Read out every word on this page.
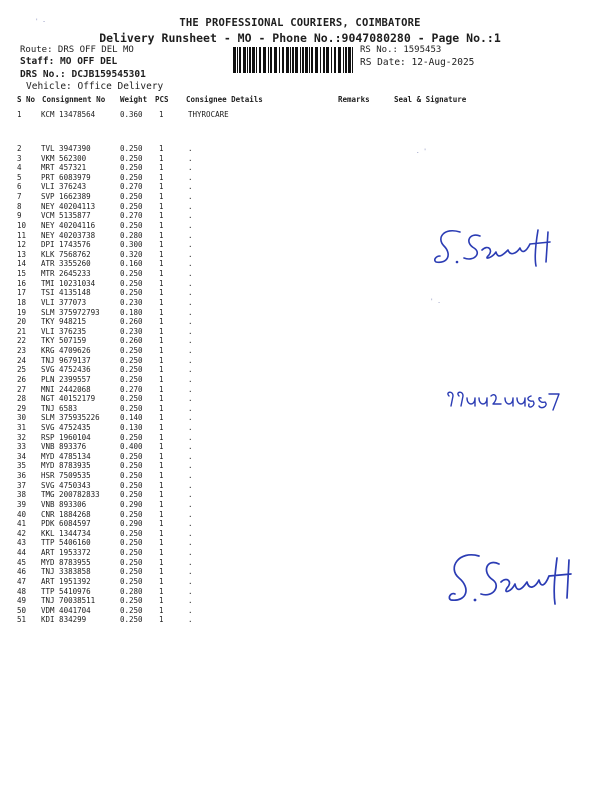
THE PROFESSIONAL COURIERS, COIMBATORE
Delivery Runsheet - MO - Phone No.:9047080280 - Page No.:1
Route: DRS OFF DEL MO
Staff: MO OFF DEL
DRS No.: DCJB159545301
Vehicle: Office Delivery
RS No.: 1595453
RS Date: 12-Aug-2025
S No Consignment No Weight PCS Consignee Details	Remarks	Seal & Signature
1	KCM 13478564	0.360 1	THYROCARE
2	TVL 3947390	0.250 1	.
3	VKM 562300	0.250 1	.
4	MRT 457321	0.250 1	.
5	PRT 6083979	0.250 1	.
6	VLI 376243	0.270 1	.
7	SVP 1662389	0.250 1	.
8	NEY 40204113	0.250 1	.
9	VCM 5135877	0.270 1	.
10 NEY 40204116	0.250 1	.
11 NEY 40203738	0.280 1	.
12 DPI 1743576	0.300 1	.
13 KLK 7568762	0.320 1	.
14 ATR 3355260	0.160 1	.
15 MTR 2645233	0.250 1	.
16 TMI 10231034	0.250 1	.
17 TSI 4135148	0.250 1	.
18 VLI 377073	0.230 1	.
19 SLM 375972793	0.180 1	.
20 TKY 948215	0.260 1	.
21 VLI 376235	0.230 1	.
22 TKY 507159	0.260 1	.
23 KRG 4709626	0.250 1	.
24 TNJ 9679137	0.250 1	.
25 SVG 4752436	0.250 1	.
26 PLN 2399557	0.250 1	.
27 MNI 2442068	0.270 1	.
28 NGT 40152179	0.250 1	.
29 TNJ 6583	0.250 1	.
30 SLM 375935226	0.140 1	.
31 SVG 4752435	0.130 1	.
32 RSP 1960104	0.250 1	.
33 VNB 893376	0.400 1	.
34 MYD 4785134	0.250 1	.
35 MYD 8783935	0.250 1	.
36 HSR 7509535	0.250 1	.
37 SVG 4750343	0.250 1	.
38 TMG 200782833	0.250 1	.
39 VNB 893306	0.290 1	.
40 CNR 1884268	0.250 1	.
41 PDK 6084597	0.290 1	.
42 KKL 1344734	0.250 1	.
43 TTP 5406160	0.250 1	.
44 ART 1953372	0.250 1	.
45 MYD 8783955	0.250 1	.
46 TNJ 3383858	0.250 1	.
47 ART 1951392	0.250 1	.
48 TTP 5410976	0.280 1	.
49 TNJ 70038511	0.250 1	.
50 VDM 4041704	0.250 1	.
51 KDI 834299	0.250 1	.
. '
' .
' -
